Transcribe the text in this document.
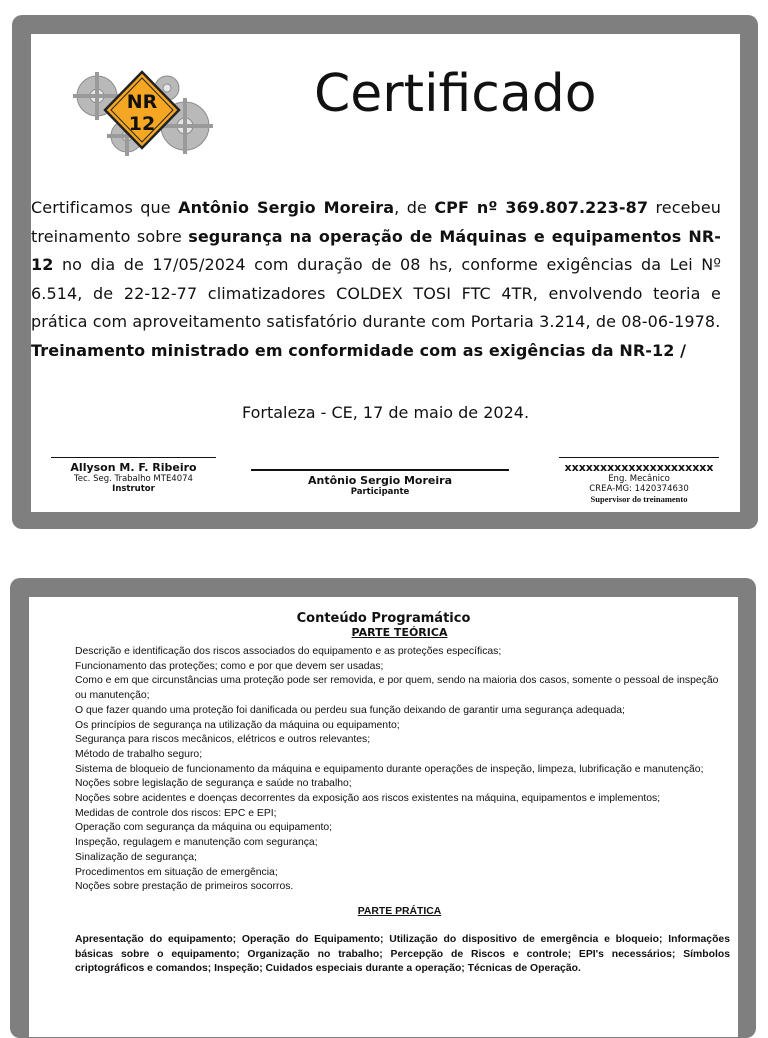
NR
12	Certificado

Certificamos que Antônio Sergio Moreira, de CPF nº 369.807.223-87 recebeu treinamento sobre segurança na operação de Máquinas e equipamentos NR-12 no dia de 17/05/2024 com duração de 08 hs, conforme exigências da Lei Nº 6.514, de 22-12-77 climatizadores COLDEX TOSI FTC 4TR, envolvendo teoria e prática com aproveitamento satisfatório durante com Portaria 3.214, de 08-06-1978.

Treinamento ministrado em conformidade com as exigências da NR-12 /

Fortaleza - CE, 17 de maio de 2024.
Allyson M. F. Ribeiro
Tec. Seg. Trabalho MTE4074
Instrutor
Antônio Sergio Moreira
Participante
xxxxxxxxxxxxxxxxxxxxx
Eng. Mecânico
CREA-MG: 1420374630
Supervisor do treinamento
Conteúdo Programático
PARTE TEÓRICA
Descrição e identificação dos riscos associados do equipamento e as proteções específicas;
Funcionamento das proteções; como e por que devem ser usadas;
Como e em que circunstâncias uma proteção pode ser removida, e por quem, sendo na maioria dos casos, somente o pessoal de inspeção ou manutenção;
O que fazer quando uma proteção foi danificada ou perdeu sua função deixando de garantir uma segurança adequada;
Os princípios de segurança na utilização da máquina ou equipamento;
Segurança para riscos mecânicos, elétricos e outros relevantes;
Método de trabalho seguro;
Sistema de bloqueio de funcionamento da máquina e equipamento durante operações de inspeção, limpeza, lubrificação e manutenção;
Noções sobre legislação de segurança e saúde no trabalho;
Noções sobre acidentes e doenças decorrentes da exposição aos riscos existentes na máquina, equipamentos e implementos;
Medidas de controle dos riscos: EPC e EPI;
Operação com segurança da máquina ou equipamento;
Inspeção, regulagem e manutenção com segurança;
Sinalização de segurança;
Procedimentos em situação de emergência;
Noções sobre prestação de primeiros socorros.
PARTE PRÁTICA
Apresentação do equipamento; Operação do Equipamento; Utilização do dispositivo de emergência e bloqueio; Informações básicas sobre o equipamento; Organização no trabalho; Percepção de Riscos e controle; EPI's necessários; Símbolos criptográficos e comandos; Inspeção; Cuidados especiais durante a operação; Técnicas de Operação.
